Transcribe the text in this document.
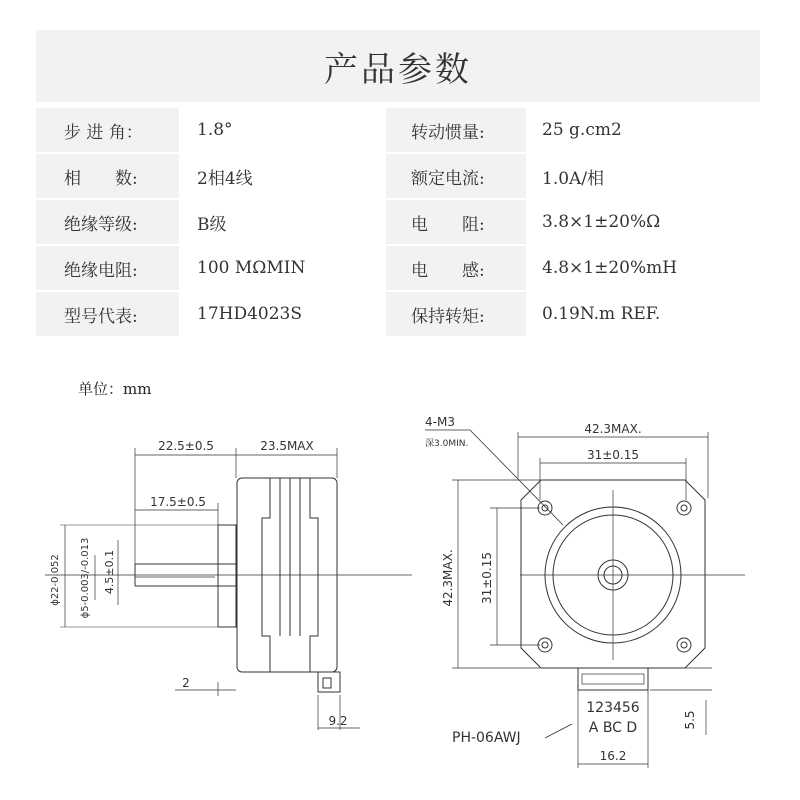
产品参数
步 进 角：	1.8°	转动惯量:	25 g.cm2
相　　数:	2相4线	额定电流:	1.0A/相
绝缘等级:	B级	电　　阻:	3.8×1±20%Ω
绝缘电阻:	100 MΩMIN	电　　感:	4.8×1±20%mH
型号代表:	17HD4023S	保持转矩:	0.19N.m REF.
单位：mm
22.5±0.5	23.5MAX
17.5±0.5
ϕ22-0.052 ϕ5-0.003/-0.013 4.5±0.1
2
9.2
4-M3
深3.0MIN.
42.3MAX.
31±0.15
42.3MAX. 31±0.15
123456
A BC D
PH-06AWJ
16.2
5.5
